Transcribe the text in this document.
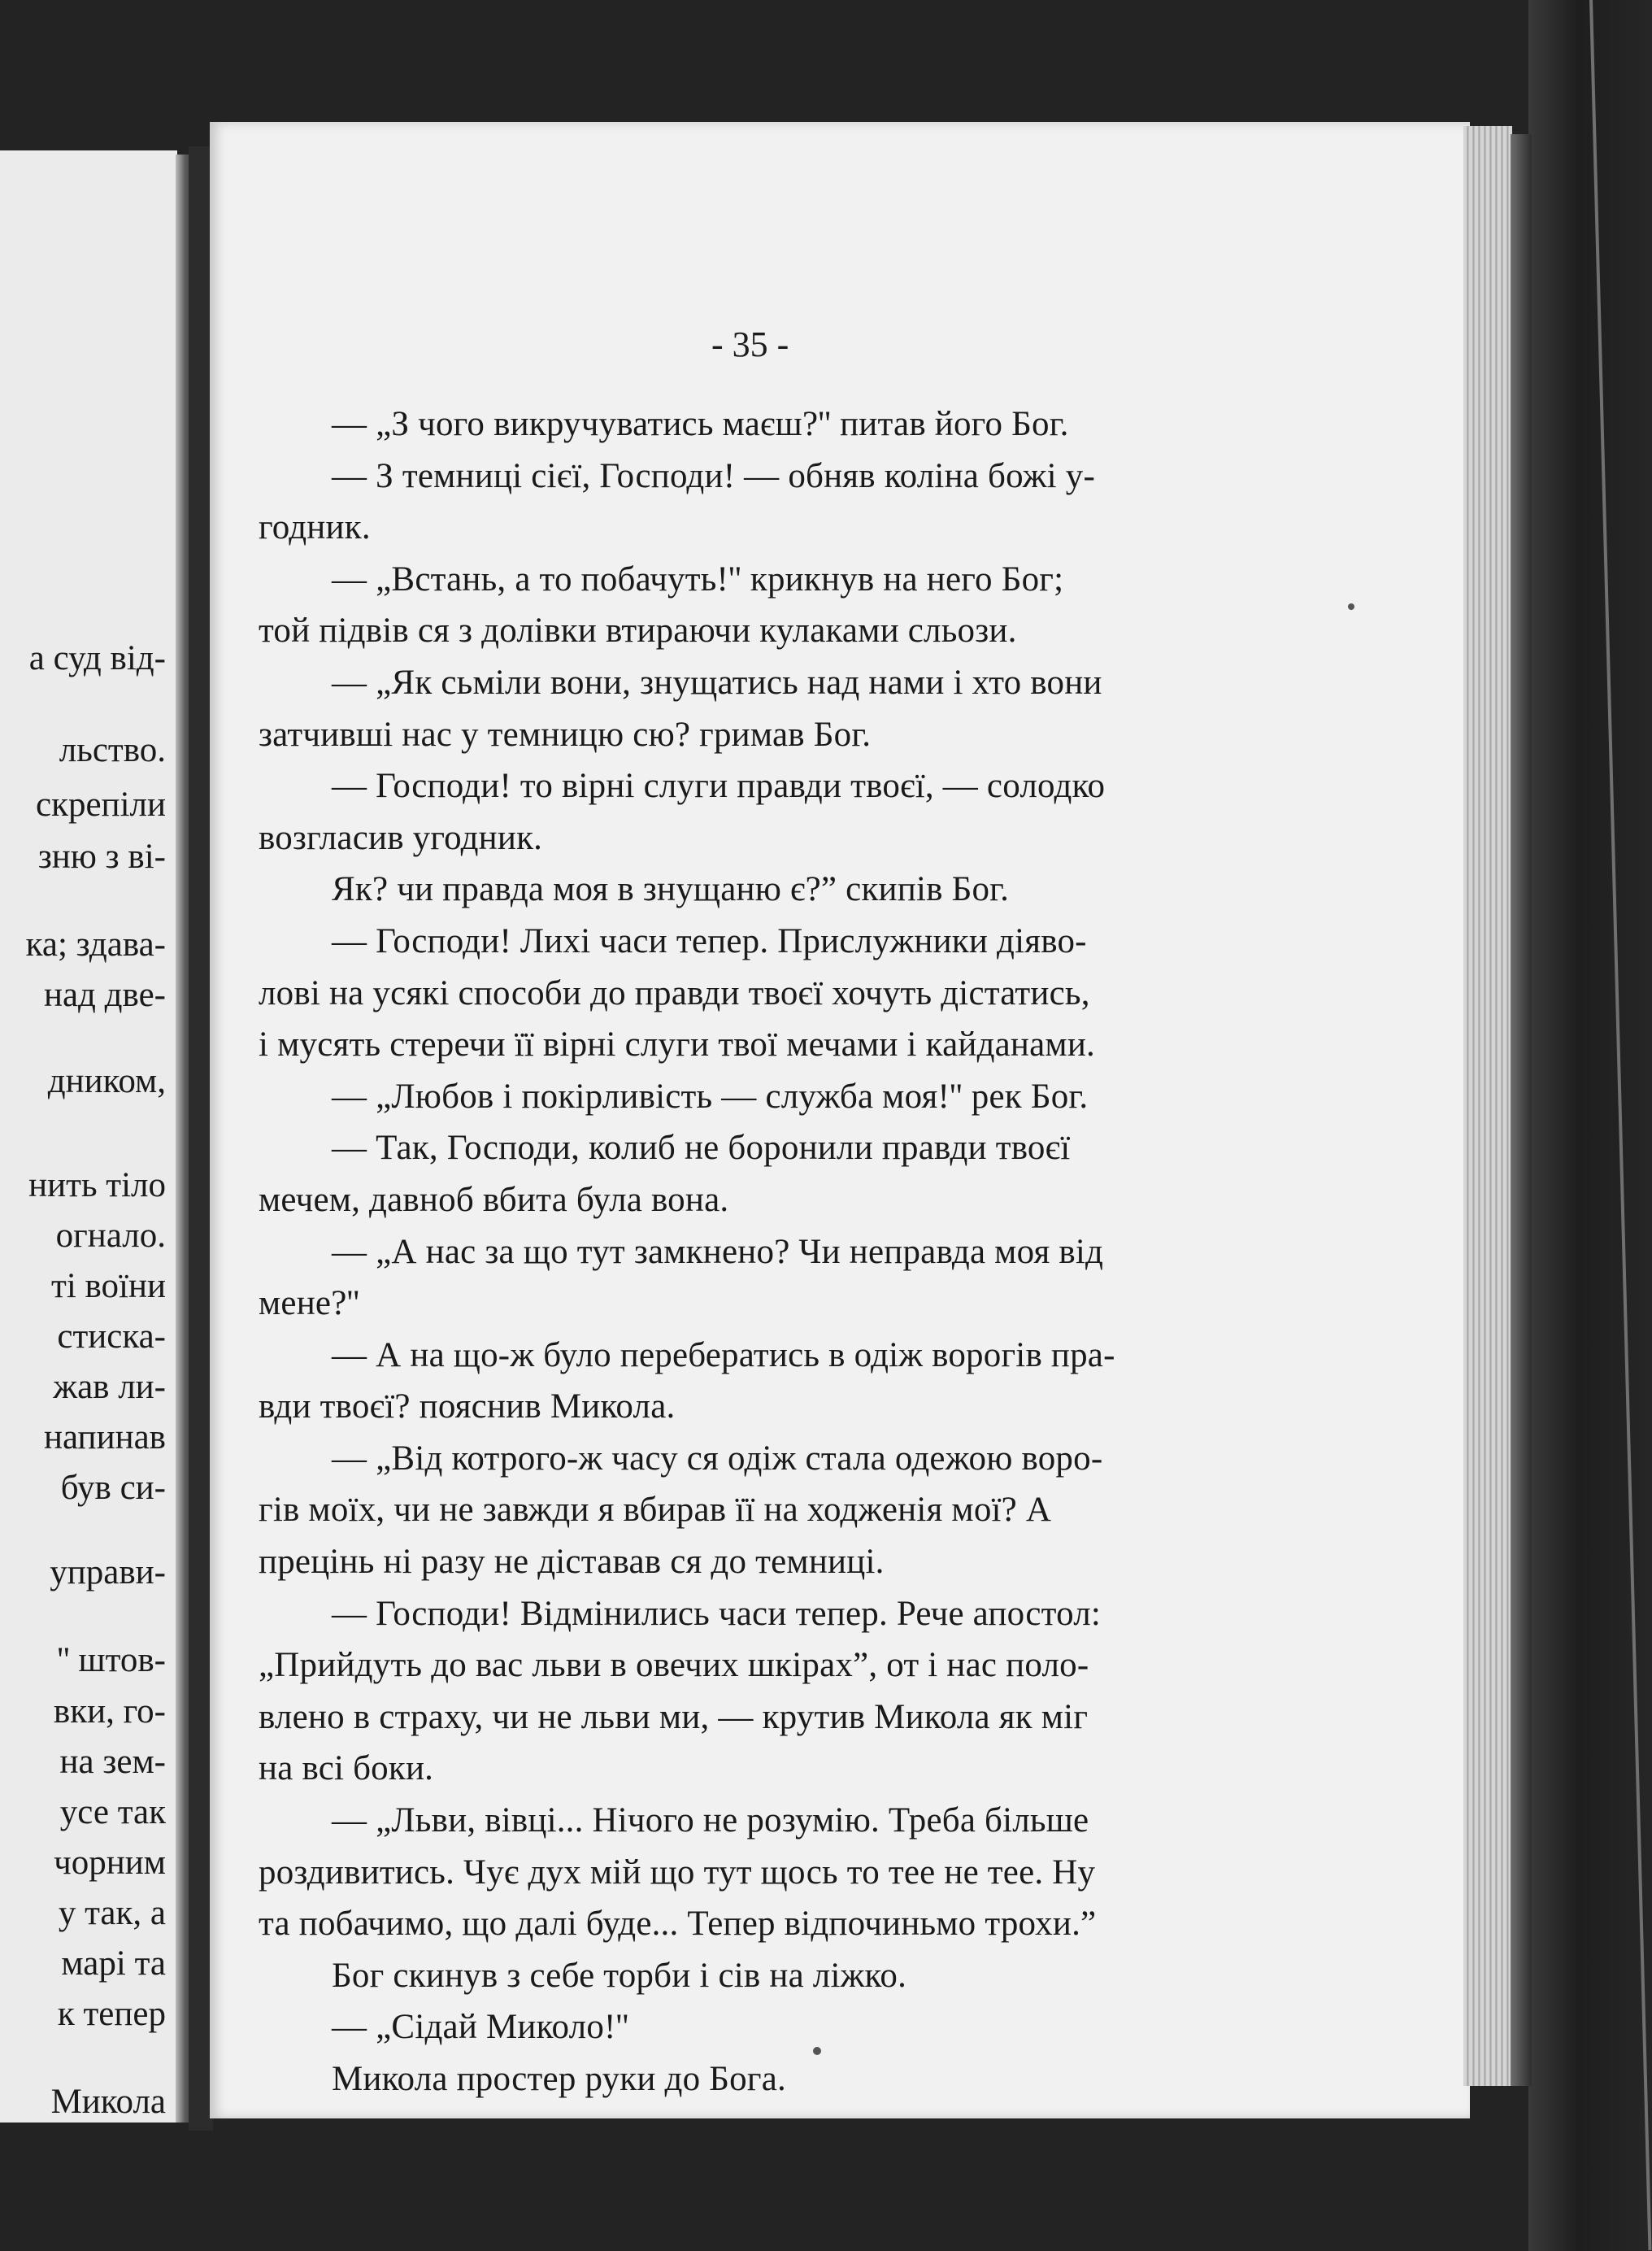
а суд від-
льство.
скрепіли
зню з ві-
ка; здава-
над две-
дником,
нить тіло
огнало.
ті воїни
стиска-
жав ли-
напинав
був си-
управи-
'' штов-
вки, го-
на зем-
усе так
чорним
у так, а
марі та
к тепер
Микола
- 35 -
— „З чого викручуватись маєш?'' питав його Бог.
— З темниці сієї, Господи! — обняв коліна божі у-
годник.
— „Встань, а то побачуть!'' крикнув на него Бог;
той підвів ся з долівки втираючи кулаками сльози.
— „Як сьміли вони, знущатись над нами і хто вони
затчивші нас у темницю сю? гримав Бог.
— Господи! то вірні слуги правди твоєї, — солодко
возгласив угодник.
Як? чи правда моя в знущаню є?” скипів Бог.
— Господи! Лихі часи тепер. Прислужники діяво-
лові на усякі способи до правди твоєї хочуть дістатись,
і мусять стеречи її вірні слуги твої мечами і кайданами.
— „Любов і покірливість — служба моя!'' рек Бог.
— Так, Господи, колиб не боронили правди твоєї
мечем, давноб вбита була вона.
— „А нас за що тут замкнено? Чи неправда моя від
мене?''
— А на що-ж було перебератись в одіж ворогів пра-
вди твоєї? пояснив Микола.
— „Від котрого-ж часу ся одіж стала одежою воро-
гів моїх, чи не завжди я вбирав її на ходженія мої? А
прецінь ні разу не діставав ся до темниці.
— Господи! Відмінились часи тепер. Рече апостол:
„Прийдуть до вас льви в овечих шкірах”, от і нас поло-
влено в страху, чи не льви ми, — крутив Микола як міг
на всі боки.
— „Льви, вівці... Нічого не розумію. Треба більше
роздивитись. Чує дух мій що тут щось то тее не тее. Ну
та побачимо, що далі буде... Тепер відпочиньмо трохи.”
Бог скинув з себе торби і сів на ліжко.
— „Сідай Миколо!''
Микола простер руки до Бога.
